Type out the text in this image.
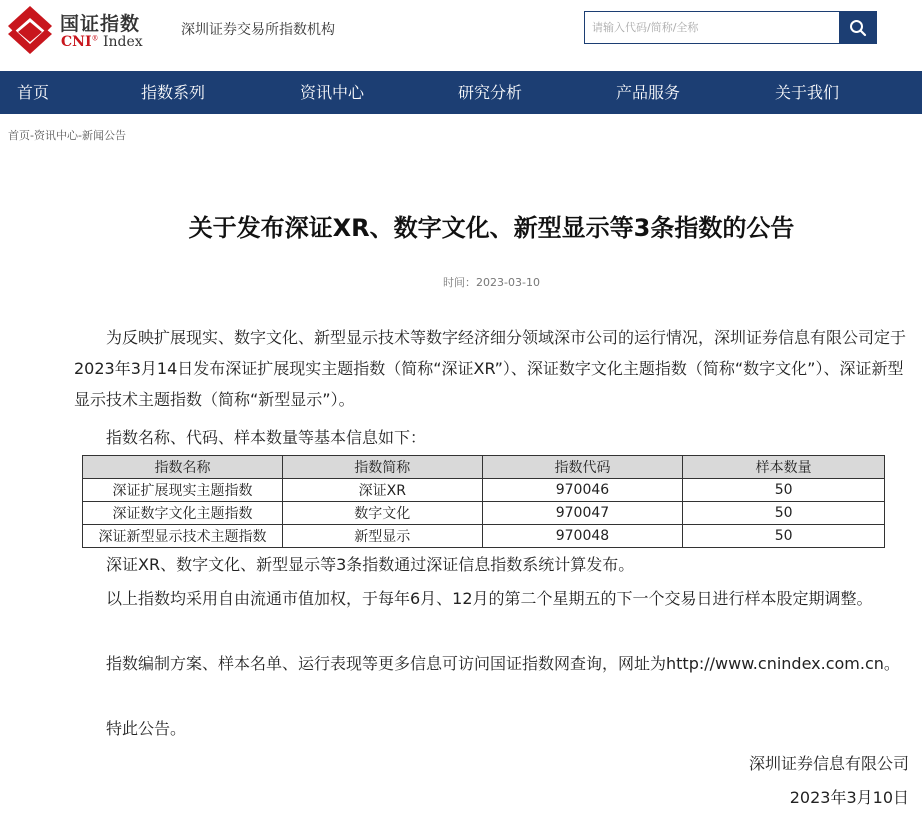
国证指数
CNI® Index
深圳证券交易所指数机构
请输入代码/简称/全称
首页	指数系列	资讯中心	研究分析	产品服务	关于我们
首页-资讯中心-新闻公告
关于发布深证XR、数字文化、新型显示等3条指数的公告
时间：2023-03-10

为反映扩展现实、数字文化、新型显示技术等数字经济细分领域深市公司的运行情况，深圳证券信息有限公司定于2023年3月14日发布深证扩展现实主题指数（简称“深证XR”）、深证数字文化主题指数（简称“数字文化”）、深证新型显示技术主题指数（简称“新型显示”）。

指数名称、代码、样本数量等基本信息如下：

指数名称	指数简称	指数代码	样本数量
深证扩展现实主题指数	深证XR	970046	50
深证数字文化主题指数	数字文化	970047	50
深证新型显示技术主题指数	新型显示	970048	50

深证XR、数字文化、新型显示等3条指数通过深证信息指数系统计算发布。

以上指数均采用自由流通市值加权，于每年6月、12月的第二个星期五的下一个交易日进行样本股定期调整。

指数编制方案、样本名单、运行表现等更多信息可访问国证指数网查询，网址为http://www.cnindex.com.cn。

特此公告。

深圳证券信息有限公司
2023年3月10日
